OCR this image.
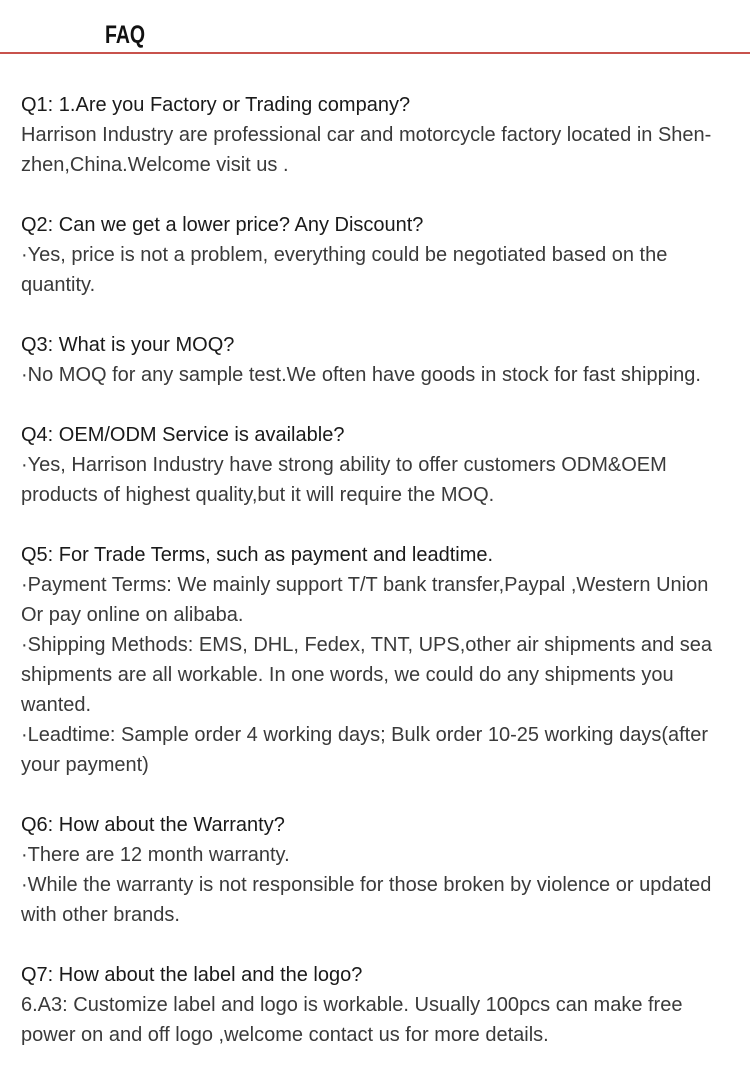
FAQ
Q1: 1.Are you Factory or Trading company?
Harrison Industry are professional car and motorcycle factory located in Shen-zhen,China.Welcome visit us .
Q2: Can we get a lower price? Any Discount?
·Yes, price is not a problem, everything could be negotiated based on the quantity.
Q3: What is your MOQ?
·No MOQ for any sample test.We often have goods in stock for fast shipping.
Q4: OEM/ODM Service is available?
·Yes, Harrison Industry have strong ability to offer customers ODM&OEM products of highest quality,but it will require the MOQ.
Q5: For Trade Terms, such as payment and leadtime.
·Payment Terms: We mainly support T/T bank transfer,Paypal ,Western Union Or pay online on alibaba.
·Shipping Methods: EMS, DHL, Fedex, TNT, UPS,other air shipments and sea shipments are all workable. In one words, we could do any shipments you wanted.
·Leadtime: Sample order 4 working days; Bulk order 10-25 working days(after your payment)
Q6: How about the Warranty?
·There are 12 month warranty.
·While the warranty is not responsible for those broken by violence or updated with other brands.
Q7: How about the label and the logo?
6.A3: Customize label and logo is workable. Usually 100pcs can make free power on and off logo ,welcome contact us for more details.
